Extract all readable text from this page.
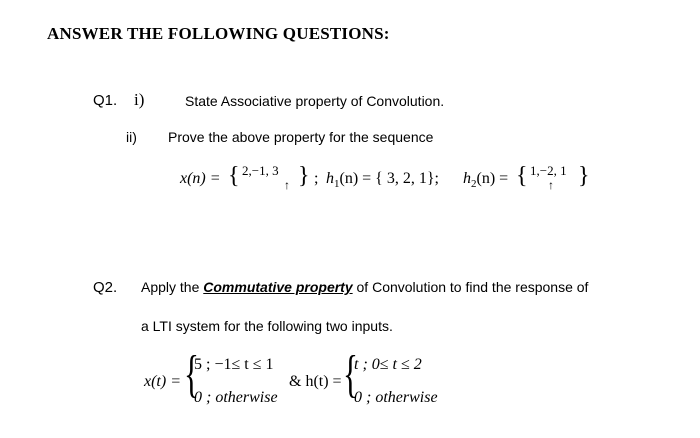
ANSWER THE FOLLOWING QUESTIONS:
Q1. i)	State Associative property of Convolution.
ii) Prove the above property for the sequence
x(n) = { 2,−1, 3
↑ } ; $h_1(n)$ = { 3, 2, 1}; $h_2(n)$ = { 1,−2, 1
↑ }
Q2. Apply the Commutative property of Convolution to find the response of
a LTI system for the following two inputs.
x(t) = {
5 ; −1≤ t ≤ 1
0 ; otherwise
& h(t) = {
t ; 0≤ t ≤ 2
0 ; otherwise
